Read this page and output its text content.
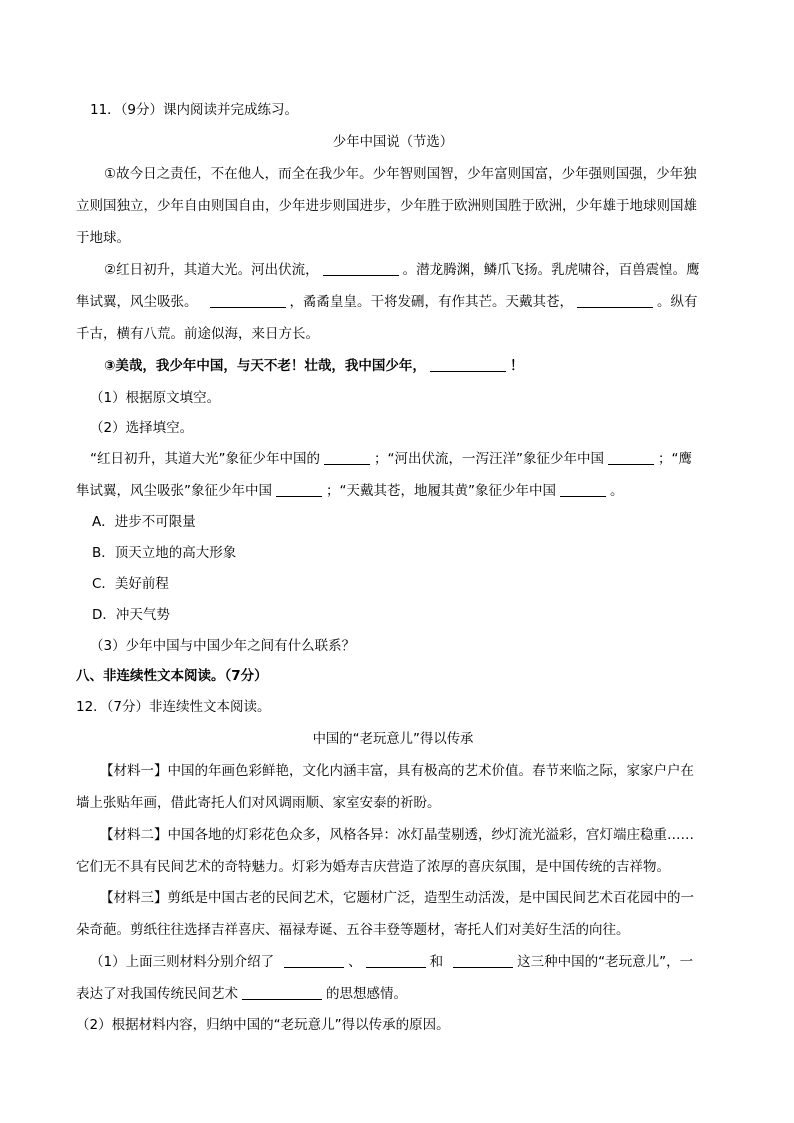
11．（9分）课内阅读并完成练习。
少年中国说（节选）
①故今日之责任，不在他人，而全在我少年。少年智则国智，少年富则国富，少年强则国强，少年独
立则国独立，少年自由则国自由，少年进步则国进步，少年胜于欧洲则国胜于欧洲，少年雄于地球则国雄
于地球。
②红日初升，其道大光。河出伏流，	。潜龙腾渊，鳞爪飞扬。乳虎啸谷，百兽震惶。鹰
隼试翼，风尘吸张。	，矞矞皇皇。干将发硎，有作其芒。天戴其苍，	。纵有
千古，横有八荒。前途似海，来日方长。
③美哉，我少年中国，与天不老！壮哉，我中国少年，	！
（1）根据原文填空。
（2）选择填空。
“红日初升，其道大光”象征少年中国的	；“河出伏流，一泻汪洋”象征少年中国	；“鹰
隼试翼，风尘吸张”象征少年中国	；“天戴其苍，地履其黄”象征少年中国	。
A．进步不可限量
B．顶天立地的高大形象
C．美好前程
D．冲天气势
（3）少年中国与中国少年之间有什么联系？
八、非连续性文本阅读。（7分）
12．（7分）非连续性文本阅读。
中国的“老玩意儿”得以传承
【材料一】中国的年画色彩鲜艳，文化内涵丰富，具有极高的艺术价值。春节来临之际，家家户户在
墙上张贴年画，借此寄托人们对风调雨顺、家室安泰的祈盼。
【材料二】中国各地的灯彩花色众多，风格各异：冰灯晶莹剔透，纱灯流光溢彩，宫灯端庄稳重……
它们无不具有民间艺术的奇特魅力。灯彩为婚寿吉庆营造了浓厚的喜庆氛围，是中国传统的吉祥物。
【材料三】剪纸是中国古老的民间艺术，它题材广泛，造型生动活泼，是中国民间艺术百花园中的一
朵奇葩。剪纸往往选择吉祥喜庆、福禄寿诞、五谷丰登等题材，寄托人们对美好生活的向往。
（1）上面三则材料分别介绍了	、	和	这三种中国的“老玩意儿”，一
表达了对我国传统民间艺术	的思想感情。
（2）根据材料内容，归纳中国的“老玩意儿”得以传承的原因。
